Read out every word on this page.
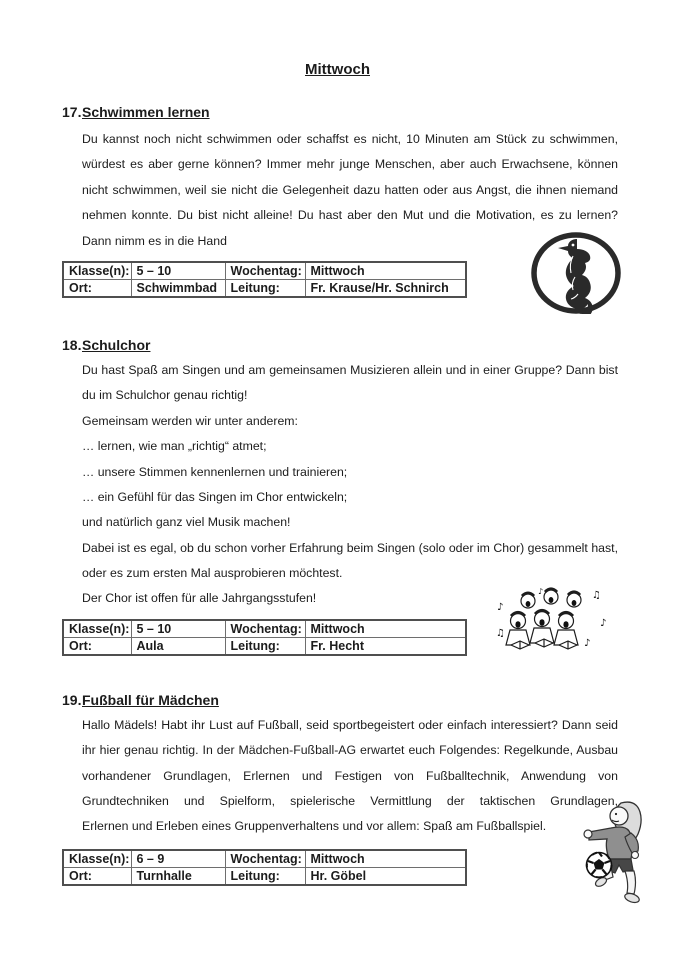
Mittwoch
17.Schwimmen lernen
Du kannst noch nicht schwimmen oder schaffst es nicht, 10 Minuten am Stück zu schwimmen,
würdest es aber gerne können? Immer mehr junge Menschen, aber auch Erwachsene, können
nicht schwimmen, weil sie nicht die Gelegenheit dazu hatten oder aus Angst, die ihnen niemand
nehmen konnte. Du bist nicht alleine! Du hast aber den Mut und die Motivation, es zu lernen?
Dann nimm es in die Hand
Klasse(n):	5 – 10	Wochentag:	Mittwoch
Ort:	Schwimmbad	Leitung:	Fr. Krause/Hr. Schnirch
18.Schulchor
Du hast Spaß am Singen und am gemeinsamen Musizieren allein und in einer Gruppe? Dann bist
du im Schulchor genau richtig!
Gemeinsam werden wir unter anderem:
… lernen, wie man „richtig“ atmet;
… unsere Stimmen kennenlernen und trainieren;
… ein Gefühl für das Singen im Chor entwickeln;
und natürlich ganz viel Musik machen!
Dabei ist es egal, ob du schon vorher Erfahrung beim Singen (solo oder im Chor) gesammelt hast,
oder es zum ersten Mal ausprobieren möchtest.
Der Chor ist offen für alle Jahrgangsstufen!
Klasse(n):	5 – 10	Wochentag:	Mittwoch
Ort:	Aula	Leitung:	Fr. Hecht
19.Fußball für Mädchen
Hallo Mädels! Habt ihr Lust auf Fußball, seid sportbegeistert oder einfach interessiert? Dann seid
ihr hier genau richtig. In der Mädchen-Fußball-AG erwartet euch Folgendes: Regelkunde, Ausbau
vorhandener Grundlagen, Erlernen und Festigen von Fußballtechnik, Anwendung von
Grundtechniken und Spielform, spielerische Vermittlung der taktischen Grundlagen,
Erlernen und Erleben eines Gruppenverhaltens und vor allem: Spaß am Fußballspiel.
Klasse(n):	6 – 9	Wochentag:	Mittwoch
Ort:	Turnhalle	Leitung:	Hr. Göbel
♪
♫
♪
♫
♪
♪
